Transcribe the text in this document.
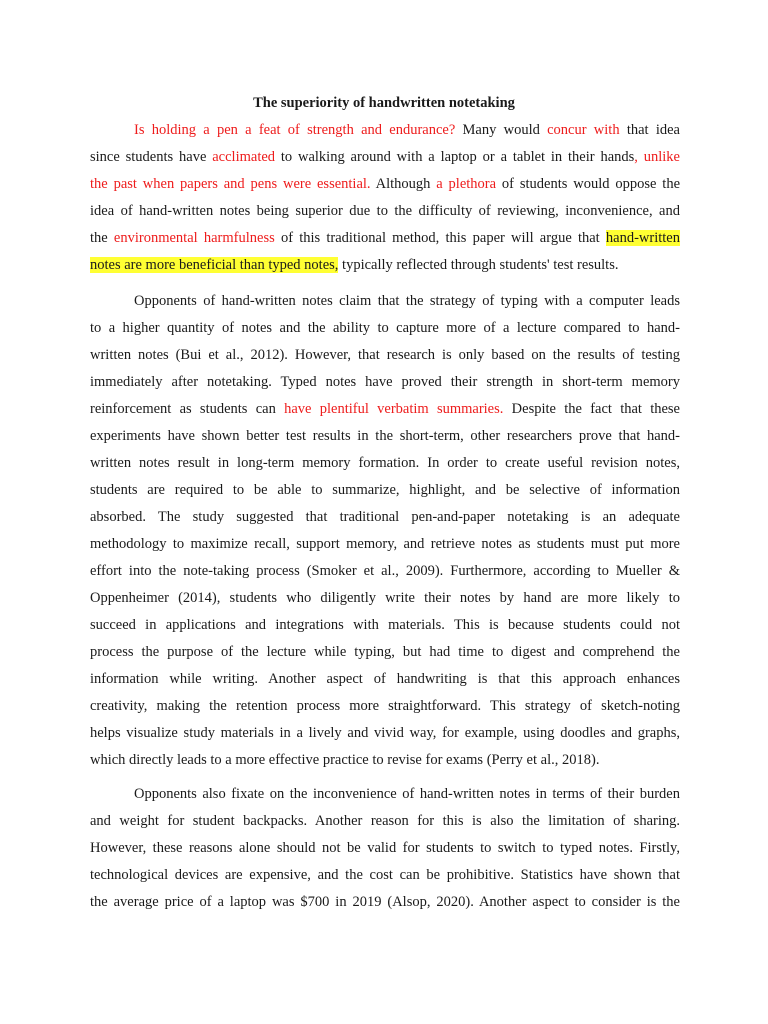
The superiority of handwritten notetaking
Is holding a pen a feat of strength and endurance? Many would concur with that idea
since students have acclimated to walking around with a laptop or a tablet in their hands, unlike
the past when papers and pens were essential. Although a plethora of students would oppose the
idea of hand-written notes being superior due to the difficulty of reviewing, inconvenience, and
the environmental harmfulness of this traditional method, this paper will argue that hand-written
notes are more beneficial than typed notes, typically reflected through students' test results.
Opponents of hand-written notes claim that the strategy of typing with a computer leads
to a higher quantity of notes and the ability to capture more of a lecture compared to hand-
written notes (Bui et al., 2012). However, that research is only based on the results of testing
immediately after notetaking. Typed notes have proved their strength in short-term memory
reinforcement as students can have plentiful verbatim summaries. Despite the fact that these
experiments have shown better test results in the short-term, other researchers prove that hand-
written notes result in long-term memory formation. In order to create useful revision notes,
students are required to be able to summarize, highlight, and be selective of information
absorbed. The study suggested that traditional pen-and-paper notetaking is an adequate
methodology to maximize recall, support memory, and retrieve notes as students must put more
effort into the note-taking process (Smoker et al., 2009). Furthermore, according to Mueller &
Oppenheimer (2014), students who diligently write their notes by hand are more likely to
succeed in applications and integrations with materials. This is because students could not
process the purpose of the lecture while typing, but had time to digest and comprehend the
information while writing. Another aspect of handwriting is that this approach enhances
creativity, making the retention process more straightforward. This strategy of sketch-noting
helps visualize study materials in a lively and vivid way, for example, using doodles and graphs,
which directly leads to a more effective practice to revise for exams (Perry et al., 2018).
Opponents also fixate on the inconvenience of hand-written notes in terms of their burden
and weight for student backpacks. Another reason for this is also the limitation of sharing.
However, these reasons alone should not be valid for students to switch to typed notes. Firstly,
technological devices are expensive, and the cost can be prohibitive. Statistics have shown that
the average price of a laptop was $700 in 2019 (Alsop, 2020). Another aspect to consider is the
